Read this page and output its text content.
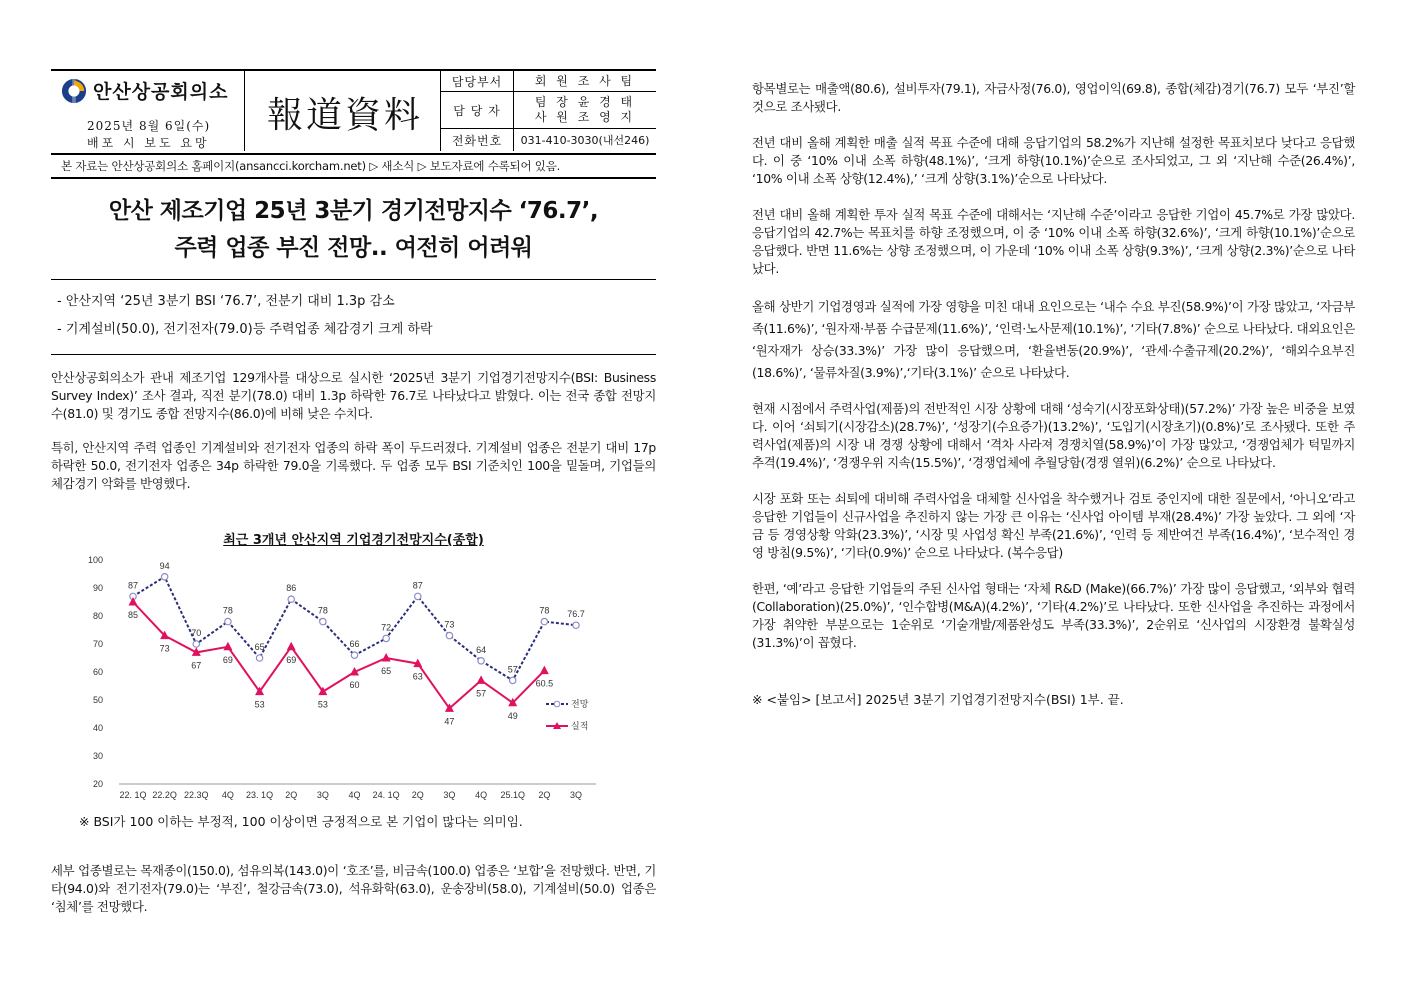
안산상공회의소
2025년 8월 6일(수)
배포 시 보도 요망
報道資料
담당부서	회 원 조 사 팀
담 당 자
팀 장 윤 경 태
사 원 조 영 지
전화번호	031-410-3030(내선246)
본 자료는 안산상공회의소 홈페이지(ansancci.korcham.net) ▷ 새소식 ▷ 보도자료에 수록되어 있음.
안산 제조기업 25년 3분기 경기전망지수 ‘76.7’,
주력 업종 부진 전망.. 여전히 어려워
- 안산지역 ‘25년 3분기 BSI ‘76.7’, 전분기 대비 1.3p 감소
- 기계설비(50.0), 전기전자(79.0)등 주력업종 체감경기 크게 하락

안산상공회의소가 관내 제조기업 129개사를 대상으로 실시한 ‘2025년 3분기 기업경기전망지수(BSI: Business Survey Index)’ 조사 결과, 직전 분기(78.0) 대비 1.3p 하락한 76.7로 나타났다고 밝혔다. 이는 전국 종합 전망지수(81.0) 및 경기도 종합 전망지수(86.0)에 비해 낮은 수치다.

특히, 안산지역 주력 업종인 기계설비와 전기전자 업종의 하락 폭이 두드러졌다. 기계설비 업종은 전분기 대비 17p 하락한 50.0, 전기전자 업종은 34p 하락한 79.0을 기록했다. 두 업종 모두 BSI 기준치인 100을 밑돌며, 기업들의 체감경기 악화를 반영했다.

최근 3개년 안산지역 기업경기전망지수(종합)
20
30
40
50
60
70
80
90
100
22. 1Q 22.2Q 22.3Q 4Q 23. 1Q 2Q 3Q 4Q 24. 1Q 2Q 3Q 4Q 25.1Q 2Q 3Q
87
94
70
78
65
86
78
66
72
87
73
64
57
78 76.7
전망
85
73
67
69
53
69
53
60
65
63
47
57
49
60.5
실적
※ BSI가 100 이하는 부정적, 100 이상이면 긍정적으로 본 기업이 많다는 의미임.

세부 업종별로는 목재종이(150.0), 섬유의복(143.0)이 ‘호조’를, 비금속(100.0) 업종은 ‘보합’을 전망했다. 반면, 기타(94.0)와 전기전자(79.0)는 ‘부진’, 철강금속(73.0), 석유화학(63.0), 운송장비(58.0), 기계설비(50.0) 업종은 ‘침체’를 전망했다.

항목별로는 매출액(80.6), 설비투자(79.1), 자금사정(76.0), 영업이익(69.8), 종합(체감)경기(76.7) 모두 ‘부진’할 것으로 조사됐다.

전년 대비 올해 계획한 매출 실적 목표 수준에 대해 응답기업의 58.2%가 지난해 설정한 목표치보다 낮다고 응답했다. 이 중 ‘10% 이내 소폭 하향(48.1%)’, ‘크게 하향(10.1%)’순으로 조사되었고, 그 외 ‘지난해 수준(26.4%)’, ‘10% 이내 소폭 상향(12.4%),’ ‘크게 상향(3.1%)’순으로 나타났다.

전년 대비 올해 계획한 투자 실적 목표 수준에 대해서는 ‘지난해 수준’이라고 응답한 기업이 45.7%로 가장 많았다. 응답기업의 42.7%는 목표치를 하향 조정했으며, 이 중 ‘10% 이내 소폭 하향(32.6%)’, ‘크게 하향(10.1%)’순으로 응답했다. 반면 11.6%는 상향 조정했으며, 이 가운데 ‘10% 이내 소폭 상향(9.3%)’, ‘크게 상향(2.3%)’순으로 나타났다.

올해 상반기 기업경영과 실적에 가장 영향을 미친 대내 요인으로는 ‘내수 수요 부진(58.9%)’이 가장 많았고, ‘자금부족(11.6%)’, ‘원자재·부품 수급문제(11.6%)’, ‘인력·노사문제(10.1%)’, ‘기타(7.8%)’ 순으로 나타났다. 대외요인은 ‘원자재가 상승(33.3%)’ 가장 많이 응답했으며, ‘환율변동(20.9%)’, ‘관세·수출규제(20.2%)’, ‘해외수요부진(18.6%)’, ‘물류차질(3.9%)’,‘기타(3.1%)’ 순으로 나타났다.

현재 시점에서 주력사업(제품)의 전반적인 시장 상황에 대해 ‘성숙기(시장포화상태)(57.2%)’ 가장 높은 비중을 보였다. 이어 ‘쇠퇴기(시장감소)(28.7%)’, ‘성장기(수요증가)(13.2%)’, ‘도입기(시장초기)(0.8%)’로 조사됐다. 또한 주력사업(제품)의 시장 내 경쟁 상황에 대해서 ‘격차 사라져 경쟁치열(58.9%)’이 가장 많았고, ‘경쟁업체가 턱밑까지 추격(19.4%)’, ‘경쟁우위 지속(15.5%)’, ‘경쟁업체에 추월당함(경쟁 열위)(6.2%)’ 순으로 나타났다.

시장 포화 또는 쇠퇴에 대비해 주력사업을 대체할 신사업을 착수했거나 검토 중인지에 대한 질문에서, ‘아니오’라고 응답한 기업들이 신규사업을 추진하지 않는 가장 큰 이유는 ‘신사업 아이템 부재(28.4%)’ 가장 높았다. 그 외에 ‘자금 등 경영상황 악화(23.3%)’, ‘시장 및 사업성 확신 부족(21.6%)’, ‘인력 등 제반여건 부족(16.4%)’, ‘보수적인 경영 방침(9.5%)’, ‘기타(0.9%)’ 순으로 나타났다. (복수응답)

한편, ‘예’라고 응답한 기업들의 주된 신사업 형태는 ‘자체 R&D (Make)(66.7%)’ 가장 많이 응답했고, ‘외부와 협력(Collaboration)(25.0%)’, ‘인수합병(M&A)(4.2%)’, ‘기타(4.2%)’로 나타났다. 또한 신사업을 추진하는 과정에서 가장 취약한 부분으로는 1순위로 ‘기술개발/제품완성도 부족(33.3%)’, 2순위로 ‘신사업의 시장환경 불확실성(31.3%)’이 꼽혔다.

※ <붙임> [보고서] 2025년 3분기 기업경기전망지수(BSI) 1부. 끝.
